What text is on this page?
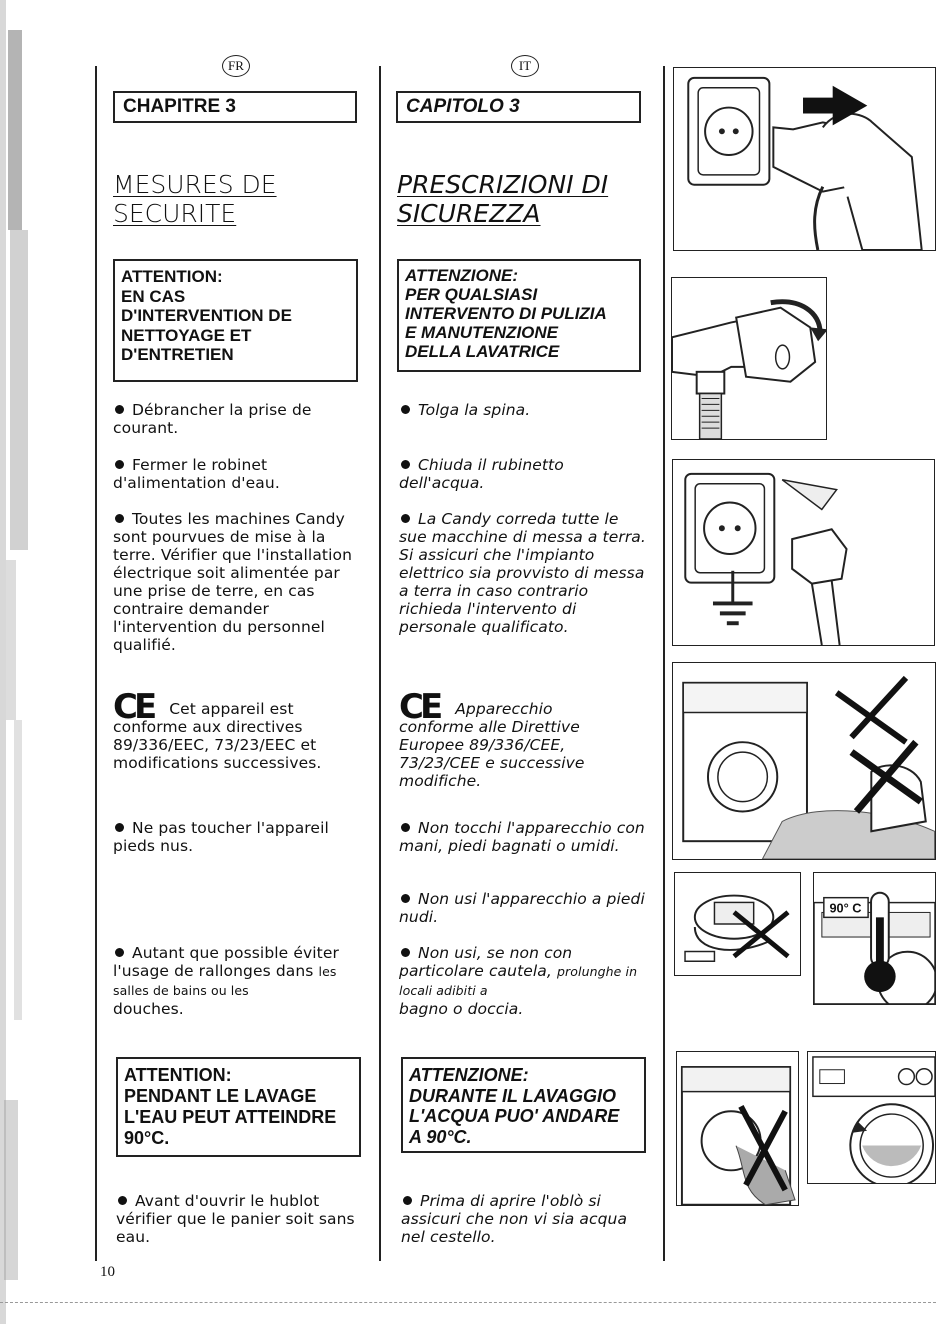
FR
CHAPITRE 3
MESURES DE
SECURITE
ATTENTION:
EN CAS
D'INTERVENTION DE
NETTOYAGE ET
D'ENTRETIEN
Débrancher la prise de courant.
Fermer le robinet d'alimentation d'eau.
Toutes les machines Candy sont pourvues de mise à la terre. Vérifier que l'installation électrique soit alimentée par une prise de terre, en cas contraire demander l'intervention du personnel qualifié.
CE Cet appareil est conforme aux directives 89/336/EEC, 73/23/EEC et modifications successives.
Ne pas toucher l'appareil pieds nus.
Autant que possible éviter l'usage de rallonges dans les salles de bains ou les
douches.
ATTENTION:
PENDANT LE LAVAGE
L'EAU PEUT ATTEINDRE
90°C.
Avant d'ouvrir le hublot vérifier que le panier soit sans eau.
IT
CAPITOLO 3
PRESCRIZIONI DI
SICUREZZA
ATTENZIONE:
PER QUALSIASI
INTERVENTO DI PULIZIA
E MANUTENZIONE
DELLA LAVATRICE
Tolga la spina.
Chiuda il rubinetto dell'acqua.
La Candy correda tutte le sue macchine di messa a terra. Si assicuri che l'impianto elettrico sia provvisto di messa a terra in caso contrario richieda l'intervento di personale qualificato.
CE Apparecchio conforme alle Direttive Europee 89/336/CEE, 73/23/CEE e successive modifiche.
Non tocchi l'apparecchio con mani, piedi bagnati o umidi.
Non usi l'apparecchio a piedi nudi.
Non usi, se non con particolare cautela, prolunghe in locali adibiti a
bagno o doccia.
ATTENZIONE:
DURANTE IL LAVAGGIO
L'ACQUA PUO' ANDARE
A 90°C.
Prima di aprire l'oblò si assicuri che non vi sia acqua nel cestello.
10
90° C
